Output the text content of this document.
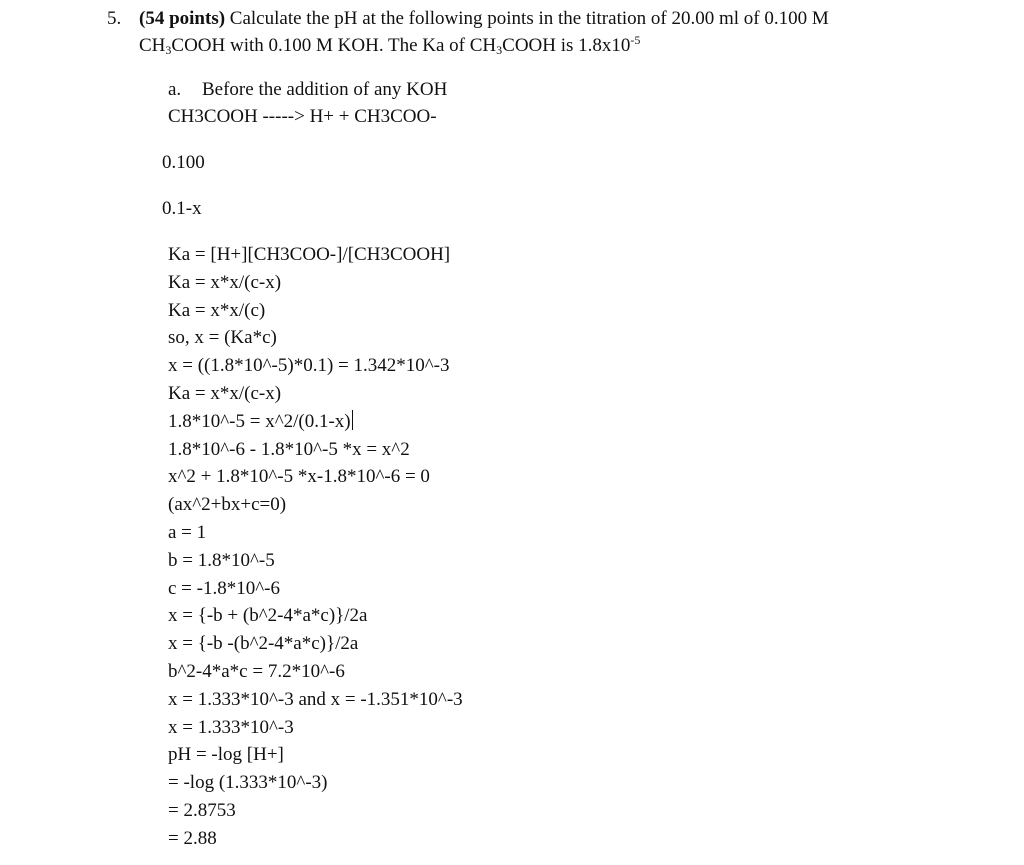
5. (54 points) Calculate the pH at the following points in the titration of 20.00 ml of 0.100 M
$CH_3COOH$ with 0.100 M KOH. The Ka of $CH_3COOH$ is $1.8x10^{-5}$
a. Before the addition of any KOH
CH3COOH -----> H+ + CH3COO-
0.100
0.1-x
Ka = [H+][CH3COO-]/[CH3COOH]
Ka = x*x/(c-x)
Ka = x*x/(c)
so, x = (Ka*c)
x = ((1.8*10^-5)*0.1) = 1.342*10^-3
Ka = x*x/(c-x)
1.8*10^-5 = x^2/(0.1-x)
1.8*10^-6 - 1.8*10^-5 *x = x^2
x^2 + 1.8*10^-5 *x-1.8*10^-6 = 0
(ax^2+bx+c=0)
a = 1
b = 1.8*10^-5
c = -1.8*10^-6
x = {-b + (b^2-4*a*c)}/2a
x = {-b -(b^2-4*a*c)}/2a
b^2-4*a*c = 7.2*10^-6
x = 1.333*10^-3 and x = -1.351*10^-3
x = 1.333*10^-3
pH = -log [H+]
= -log (1.333*10^-3)
= 2.8753
= 2.88
